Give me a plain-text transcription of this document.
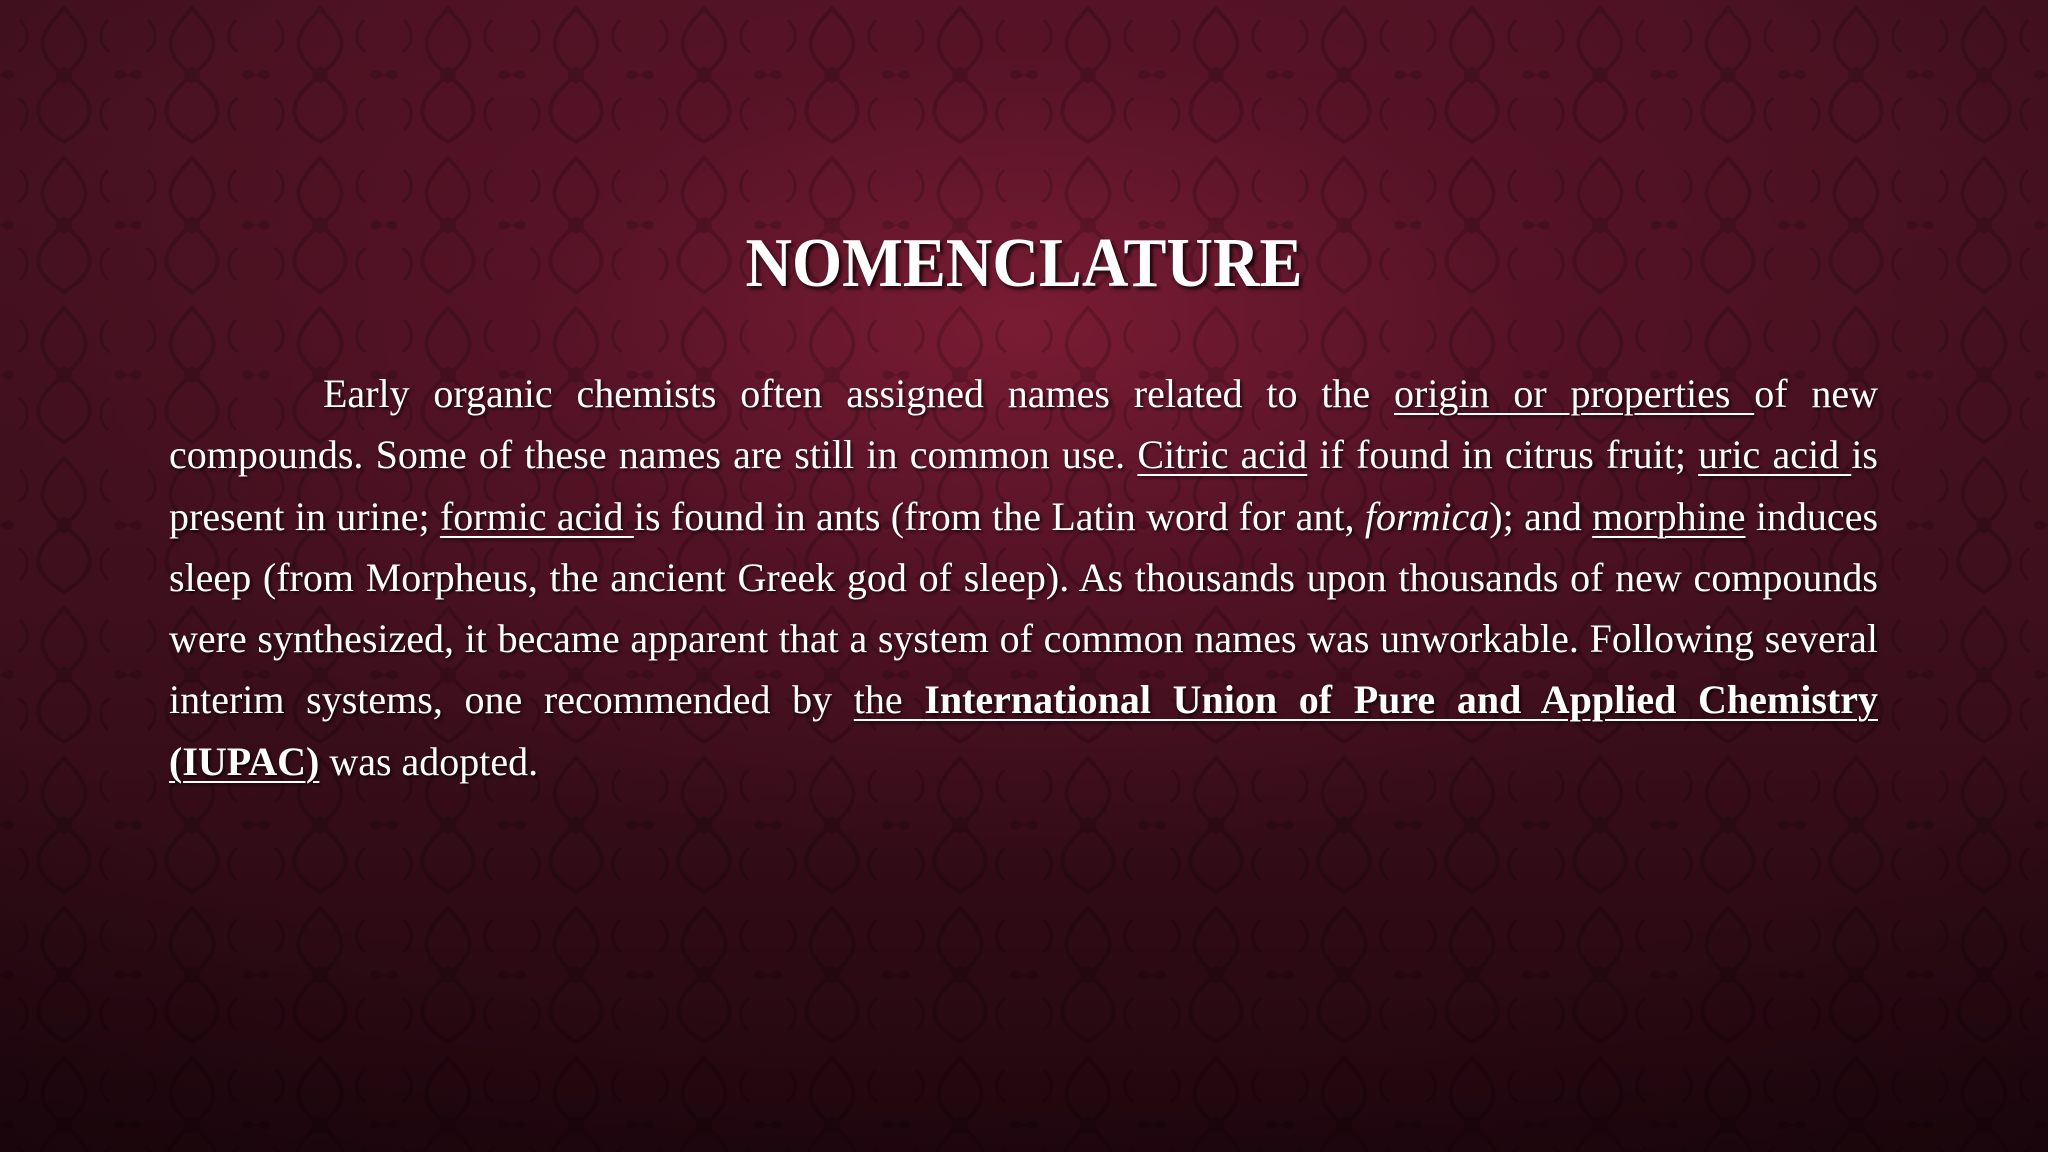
NOMENCLATURE

Early organic chemists often assigned names related to the origin or properties of new compounds. Some of these names are still in common use. Citric acid if found in citrus fruit; uric acid is present in urine; formic acid is found in ants (from the Latin word for ant, formica); and morphine induces sleep (from Morpheus, the ancient Greek god of sleep). As thousands upon thousands of new compounds were synthesized, it became apparent that a system of common names was unworkable. Following several interim systems, one recommended by the International Union of Pure and Applied Chemistry (IUPAC) was adopted.
